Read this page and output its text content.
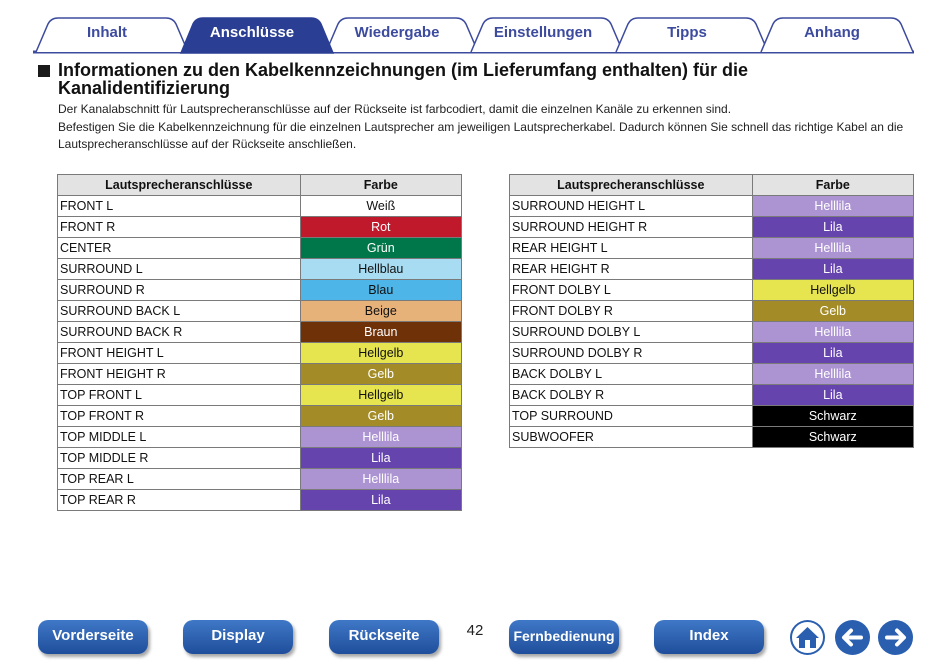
Inhalt	Anschlüsse	Wiedergabe	Einstellungen	Tipps	Anhang
Informationen zu den Kabelkennzeichnungen (im Lieferumfang enthalten) für die Kanalidentifizierung

Der Kanalabschnitt für Lautsprecheranschlüsse auf der Rückseite ist farbcodiert, damit die einzelnen Kanäle zu erkennen sind.

Befestigen Sie die Kabelkennzeichnung für die einzelnen Lautsprecher am jeweiligen Lautsprecherkabel. Dadurch können Sie schnell das richtige Kabel an die Lautsprecheranschlüsse auf der Rückseite anschließen.

Lautsprecheranschlüsse	Farbe
FRONT L	Weiß
FRONT R	Rot
CENTER	Grün
SURROUND L	Hellblau
SURROUND R	Blau
SURROUND BACK L	Beige
SURROUND BACK R	Braun
FRONT HEIGHT L	Hellgelb
FRONT HEIGHT R	Gelb
TOP FRONT L	Hellgelb
TOP FRONT R	Gelb
TOP MIDDLE L	Helllila
TOP MIDDLE R	Lila
TOP REAR L	Helllila
TOP REAR R	Lila
Lautsprecheranschlüsse	Farbe
SURROUND HEIGHT L	Helllila
SURROUND HEIGHT R	Lila
REAR HEIGHT L	Helllila
REAR HEIGHT R	Lila
FRONT DOLBY L	Hellgelb
FRONT DOLBY R	Gelb
SURROUND DOLBY L	Helllila
SURROUND DOLBY R	Lila
BACK DOLBY L	Helllila
BACK DOLBY R	Lila
TOP SURROUND	Schwarz
SUBWOOFER	Schwarz
Vorderseite	Display	Rückseite	42	Fernbedienung	Index
